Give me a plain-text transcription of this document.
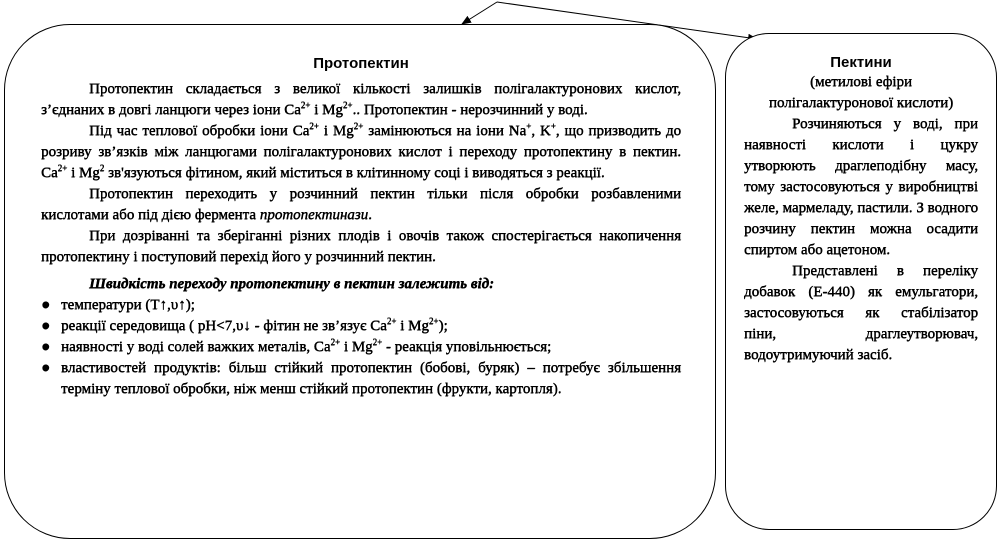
Протопектин

Протопектин складається з великої кількості залишків полігалактуронових кислот, з’єднаних в довгі ланцюги через іони $Ca^{2+}$ і $Mg^{2+}$.. Протопектин - нерозчинний у воді.

Під час теплової обробки іони $Ca^{2+}$ і $Mg^{2+}$ замінюються на іони Na+, K+, що призводить до розриву зв’язків між ланцюгами полігалактуронових кислот і переходу протопектину в пектин. $Ca^{2+}$ і Mg$^2$ зв'язуються фітином, який міститься в клітинному соці і виводяться з реакції.

Протопектин переходить у розчинний пектин тільки після обробки розбавленими кислотами або під дією фермента протопектинази.

При дозріванні та зберіганні різних плодів і овочів також спостерігається накопичення протопектину і поступовий перехід його у розчинний пектин.

Швидкість переходу протопектину в пектин залежить від:

● температури (T↑,υ↑);
● реакції середовища ( pH<7,υ↓ - фітин не зв’язує $Ca^{2+}$ і $Mg^{2+}$);
● наявності у воді солей важких металів, $Ca^{2+}$ і $Mg^{2+}$ - реакція уповільнюється;
● властивостей продуктів: більш стійкий протопектин (бобові, буряк) – потребує збільшення терміну теплової обробки, ніж менш стійкий протопектин (фрукти, картопля).
Пектини
(метилові ефіри
полігалактуронової кислоти)

Розчиняються у воді, при наявності кислоти і цукру утворюють драглеподібну масу, тому застосовуються у виробництві желе, мармеладу, пастили. З водного розчину пектин можна осадити спиртом або ацетоном.

Представлені в переліку добавок (Е-440) як емульгатори, застосовуються як стабілізатор піни, драглеутворювач, водоутримуючий засіб.
